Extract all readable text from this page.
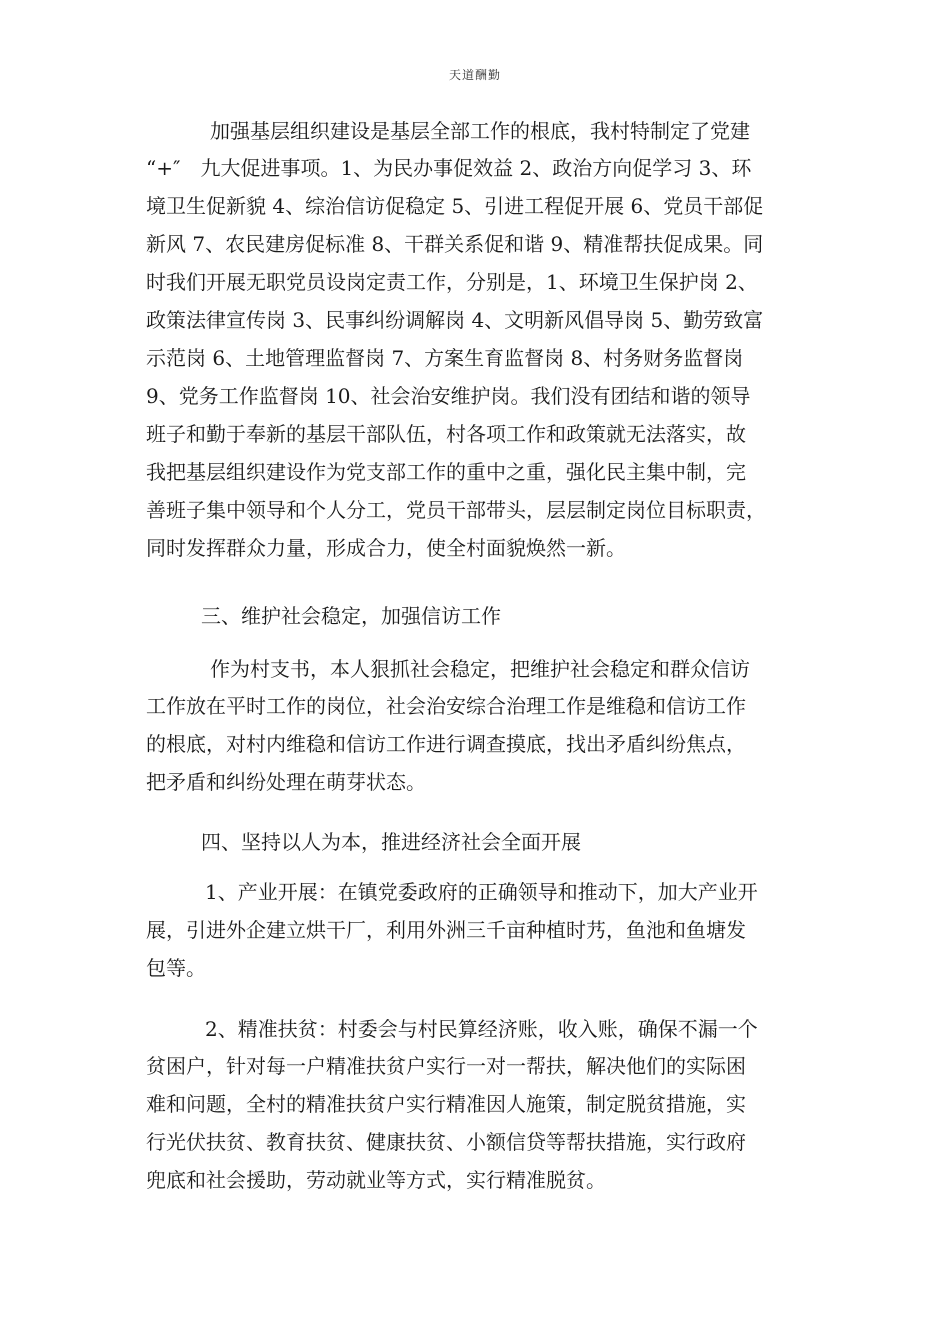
天道酬勤
加强基层组织建设是基层全部工作的根底，我村特制定了党建
“+″　九大促进事项。1、为民办事促效益 2、政治方向促学习 3、环
境卫生促新貌 4、综治信访促稳定 5、引进工程促开展 6、党员干部促
新风 7、农民建房促标准 8、干群关系促和谐 9、精准帮扶促成果。同
时我们开展无职党员设岗定责工作，分别是，1、环境卫生保护岗 2、
政策法律宣传岗 3、民事纠纷调解岗 4、文明新风倡导岗 5、勤劳致富
示范岗 6、土地管理监督岗 7、方案生育监督岗 8、村务财务监督岗
9、党务工作监督岗 10、社会治安维护岗。我们没有团结和谐的领导
班子和勤于奉新的基层干部队伍，村各项工作和政策就无法落实，故
我把基层组织建设作为党支部工作的重中之重，强化民主集中制，完
善班子集中领导和个人分工，党员干部带头，层层制定岗位目标职责，
同时发挥群众力量，形成合力，使全村面貌焕然一新。
三、维护社会稳定，加强信访工作
作为村支书，本人狠抓社会稳定，把维护社会稳定和群众信访
工作放在平时工作的岗位，社会治安综合治理工作是维稳和信访工作
的根底，对村内维稳和信访工作进行调查摸底，找出矛盾纠纷焦点，
把矛盾和纠纷处理在萌芽状态。
四、坚持以人为本，推进经济社会全面开展
1、产业开展：在镇党委政府的正确领导和推动下，加大产业开
展，引进外企建立烘干厂，利用外洲三千亩种植时艿，鱼池和鱼塘发
包等。
2、精准扶贫：村委会与村民算经济账，收入账，确保不漏一个
贫困户，针对每一户精准扶贫户实行一对一帮扶，解决他们的实际困
难和问题，全村的精准扶贫户实行精准因人施策，制定脱贫措施，实
行光伏扶贫、教育扶贫、健康扶贫、小额信贷等帮扶措施，实行政府
兜底和社会援助，劳动就业等方式，实行精准脱贫。
